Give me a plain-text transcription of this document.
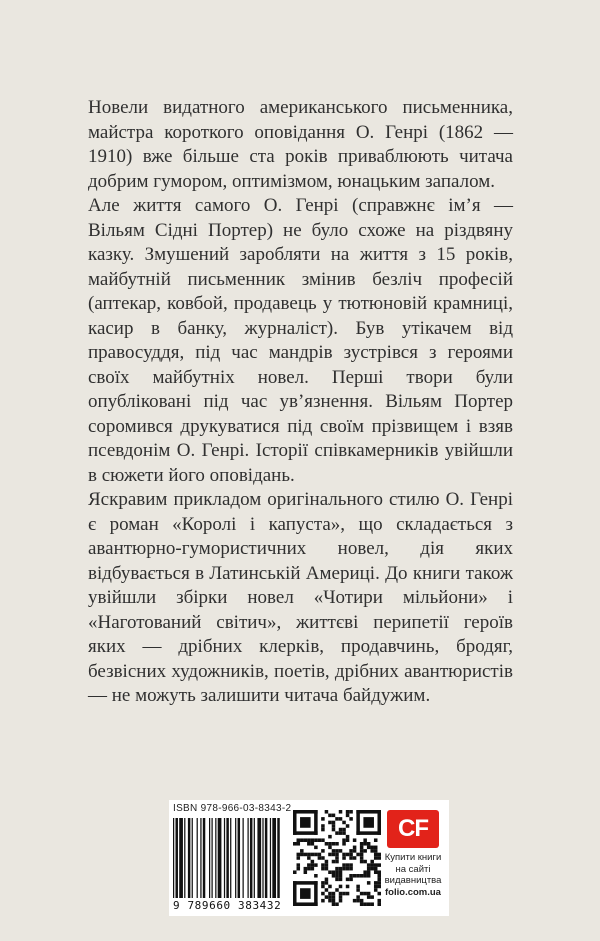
Новели видатного американського письменника, майстра короткого оповідання О. Генрі (1862 — 1910) вже більше ста років приваблюють читача добрим гумором, оптимізмом, юнацьким запалом.

Але життя самого О. Генрі (справжнє ім’я — Вільям Сідні Портер) не було схоже на різдвяну казку. Змушений заробляти на життя з 15 років, майбутній письменник змінив безліч професій (аптекар, ковбой, продавець у тютюновій крамниці, касир в банку, журналіст). Був утікачем від правосуддя, під час мандрів зустрівся з героями своїх майбутніх новел. Перші твори були опубліковані під час ув’язнення. Вільям Портер соромився друкуватися під своїм прізвищем і взяв псевдонім О. Генрі. Історії співкамерників увійшли в сюжети його оповідань.

Яскравим прикладом оригінального стилю О. Генрі є роман «Королі і капуста», що складається з авантюрно-гумористичних новел, дія яких відбувається в Латинській Америці. До книги також увійшли збірки новел «Чотири мільйони» і «Наготований світич», життєві перипетії героїв яких — дрібних клерків, продавчинь, бродяг, безвісних художників, поетів, дрібних авантюристів — не можуть залишити читача байдужим.

ISBN 978-966-03-8343-2
9 789660 383432
CF
Купити книги
на сайті
видавництва
folio.com.ua
